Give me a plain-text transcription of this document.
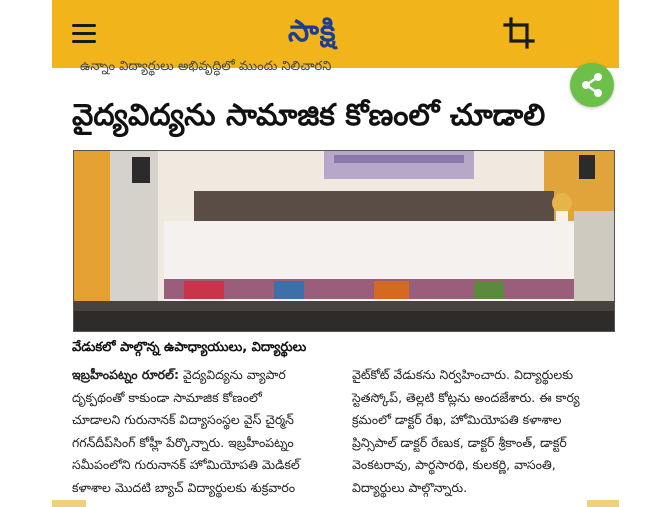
సాక్షి
ఉన్నాం విద్యార్థులు అభివృద్ధిలో ముందు నిలిచారని
వైద్యవిద్యను సామాజిక కోణంలో చూడాలి
వేడుకలో పాల్గొన్న ఉపాధ్యాయులు, విద్యార్థులు

ఇబ్రహీంపట్నం రూరల్: వైద్యవిద్యను వ్యాపార

దృక్పథంతో కాకుండా సామాజిక కోణంలో

చూడాలని గురునానక్ విద్యాసంస్థల వైస్ చైర్మన్

గగన్‌దీప్‌సింగ్ కోహ్లీ పేర్కొన్నారు. ఇబ్రహీంపట్నం

సమీపంలోని గురునానక్ హోమియోపతి మెడికల్

కళాశాల మొదటి బ్యాచ్ విద్యార్థులకు శుక్రవారం

వైట్‌కోట్ వేడుకను నిర్వహించారు. విద్యార్థులకు

స్టెతస్కోప్, తెల్లటి కోట్లను అందజేశారు. ఈ కార్య

క్రమంలో డాక్టర్ రేఖ, హోమియోపతి కళాశాల

ప్రిన్సిపాల్ డాక్టర్ రేణుక, డాక్టర్ శ్రీకాంత్, డాక్టర్

వెంకటరావు, పార్థసారథి, కులకర్ణి, వాసంతి,

విద్యార్థులు పాల్గొన్నారు.
